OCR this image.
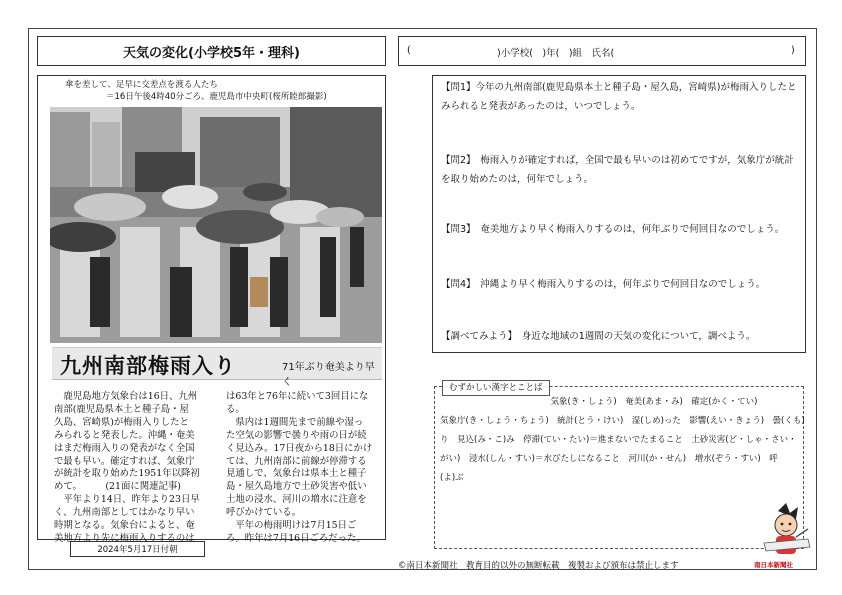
天気の変化(小学校5年・理科)	(	)小学校(　)年(　)組　氏名(	)
傘を差して、足早に交差点を渡る人たち
＝16日午後4時40分ごろ、鹿児島市中央町(桜所睦郎撮影)
九州南部梅雨入り	71年ぶり奄美より早く
　鹿児島地方気象台は16日、九州
南部(鹿児島県本土と種子島・屋
久島、宮崎県)が梅雨入りしたと
みられると発表した。沖縄・奄美
はまだ梅雨入りの発表がなく全国
で最も早い。確定すれば、気象庁
が統計を取り始めた1951年以降初
めて。　　　(21面に関連記事)
　平年より14日、昨年より23日早
く、九州南部としてはかなり早い
時期となる。気象台によると、奄
美地方より先に梅雨入りするのは
は63年と76年に続いて3回目にな
る。
　県内は1週間先まで前線や湿っ
た空気の影響で曇りや雨の日が続
く見込み。17日夜から18日にかけ
ては、九州南部に前線が停滞する
見通しで、気象台は県本土と種子
島・屋久島地方で土砂災害や低い
土地の浸水、河川の増水に注意を
呼びかけている。
　平年の梅雨明けは7月15日ご
ろ。昨年は7月16日ごろだった。
2024年5月17日付朝
【問1】今年の九州南部(鹿児島県本土と種子島・屋久島，宮崎県)が梅雨入りしたとみられると発表があったのは，いつでしょう。
【問2】　梅雨入りが確定すれば，全国で最も早いのは初めてですが，気象庁が統計を取り始めたのは，何年でしょう。
【問3】　奄美地方より早く梅雨入りするのは，何年ぶりで何回目なのでしょう。
【問4】　沖縄より早く梅雨入りするのは，何年ぶりで何回目なのでしょう。
【調べてみよう】　身近な地域の1週間の天気の変化について，調べよう。
むずかしい漢字とことば
　　　　　　　　　　　　　気象(き・しょう)　奄美(あま・み)　確定(かく・てい)
気象庁(き・しょう・ちょう)　統計(とう・けい)　湿(しめ)った　影響(えい・きょう)　曇(くも)
り　見込(み・こ)み　停滞(てい・たい)＝進まないでたまること　土砂災害(ど・しゃ・さい・
がい)　浸水(しん・すい)＝水びたしになること　河川(か・せん)　増水(ぞう・すい)　呼
(よ)ぶ
©南日本新聞社　教育目的以外の無断転載　複製および頒布は禁止します	南日本新聞社
